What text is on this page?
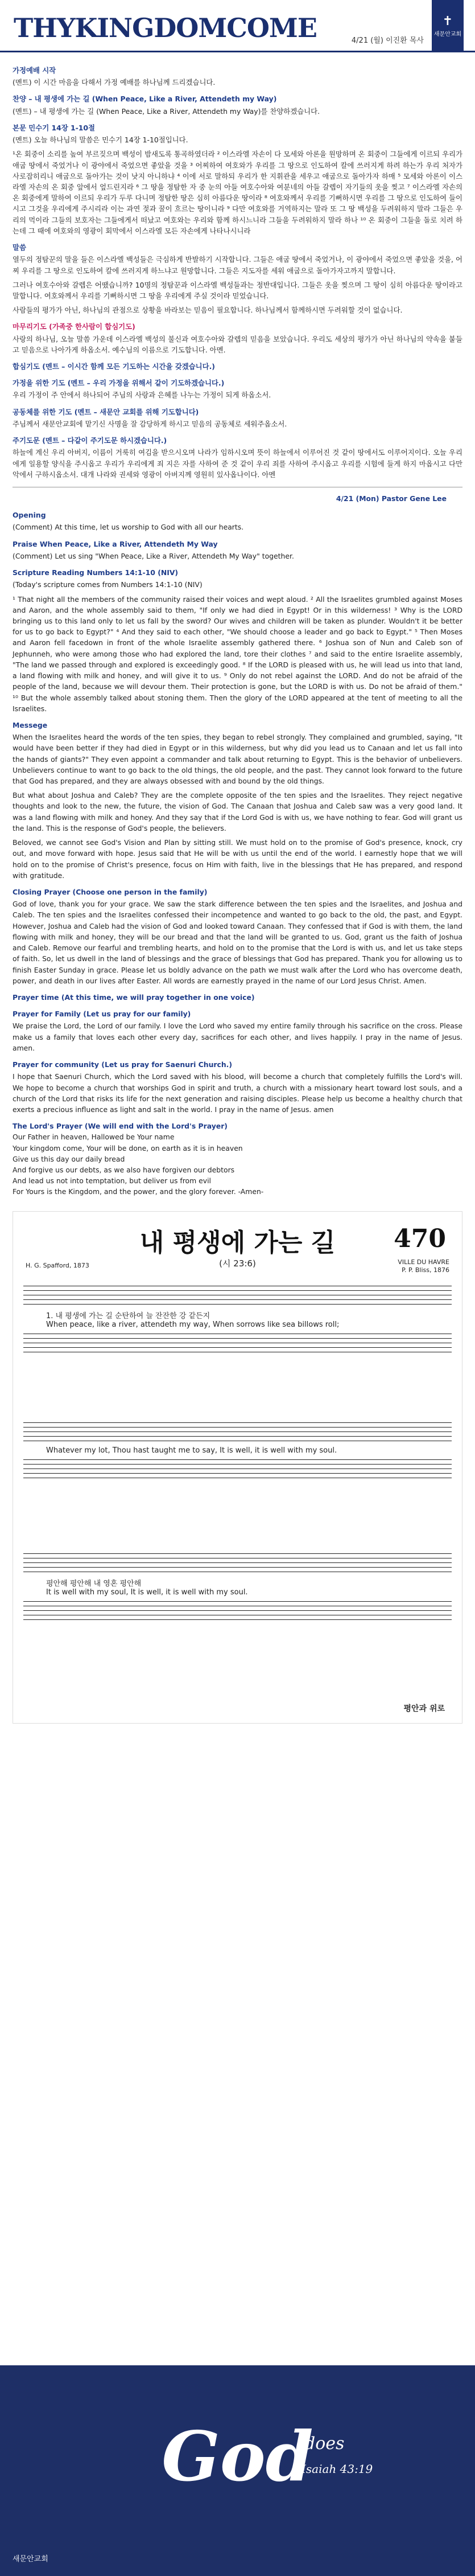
THYKINGDOMCOME	4/21 (월) 이진환 목사
✝
새문안교회
가정예배 시작

(멘트) 이 시간 마음을 다해서 가정 예배를 하나님께 드리겠습니다.

찬양 – 내 평생에 가는 길 (When Peace, Like a River, Attendeth my Way)

(멘트) – 내 평생에 가는 길 (When Peace, Like a River, Attendeth my Way)를 찬양하겠습니다.

본문 민수기 14장 1-10절

(멘트) 오늘 하나님의 말씀은 민수기 14장 1-10절입니다.

¹온 회중이 소리를 높여 부르짖으며 백성이 밤새도록 통곡하였더라 ² 이스라엘 자손이 다 모세와 아론을 원망하며 온 회중이 그들에게 이르되 우리가 애굽 땅에서 죽었거나 이 광야에서 죽었으면 좋았을 것을 ³ 어찌하여 여호와가 우리를 그 땅으로 인도하여 칼에 쓰러지게 하려 하는가 우리 처자가 사로잡히리니 애굽으로 돌아가는 것이 낫지 아니하냐 ⁴ 이에 서로 말하되 우리가 한 지휘관을 세우고 애굽으로 돌아가자 하매 ⁵ 모세와 아론이 이스라엘 자손의 온 회중 앞에서 엎드린지라 ⁶ 그 땅을 정탐한 자 중 눈의 아들 여호수아와 여분네의 아들 갈렙이 자기들의 옷을 찢고 ⁷ 이스라엘 자손의 온 회중에게 말하여 이르되 우리가 두루 다니며 정탐한 땅은 심히 아름다운 땅이라 ⁸ 여호와께서 우리를 기뻐하시면 우리를 그 땅으로 인도하여 들이시고 그것을 우리에게 주시리라 이는 과연 젖과 꿀이 흐르는 땅이니라 ⁹ 다만 여호와를 거역하지는 말라 또 그 땅 백성을 두려워하지 말라 그들은 우리의 먹이라 그들의 보호자는 그들에게서 떠났고 여호와는 우리와 함께 하시느니라 그들을 두려워하지 말라 하나 ¹⁰ 온 회중이 그들을 돌로 치려 하는데 그 때에 여호와의 영광이 회막에서 이스라엘 모든 자손에게 나타나시니라

말씀

열두의 정탐꾼의 말을 들은 이스라엘 백성들은 극심하게 반발하기 시작합니다. 그들은 애굽 땅에서 죽었거나, 이 광야에서 죽었으면 좋았을 것을, 어찌 우리를 그 땅으로 인도하여 칼에 쓰러지게 하느냐고 원망합니다. 그들은 지도자를 세워 애굽으로 돌아가자고까지 말합니다.

그러나 여호수아와 갈렙은 어땠습니까? 10명의 정탐꾼과 이스라엘 백성들과는 정반대입니다. 그들은 옷을 찢으며 그 땅이 심히 아름다운 땅이라고 말합니다. 여호와께서 우리를 기뻐하시면 그 땅을 우리에게 주실 것이라 믿었습니다.

사람들의 평가가 아닌, 하나님의 관점으로 상황을 바라보는 믿음이 필요합니다. 하나님께서 함께하시면 두려워할 것이 없습니다.

마무리기도 (가족중 한사람이 합심기도)

사랑의 하나님, 오늘 말씀 가운데 이스라엘 백성의 불신과 여호수아와 갈렙의 믿음을 보았습니다. 우리도 세상의 평가가 아닌 하나님의 약속을 붙들고 믿음으로 나아가게 하옵소서. 예수님의 이름으로 기도합니다. 아멘.

합심기도 (멘트 – 이시간 함께 모든 기도하는 시간을 갖겠습니다.)
가정을 위한 기도 (멘트 – 우리 가정을 위해서 같이 기도하겠습니다.)

우리 가정이 주 안에서 하나되어 주님의 사랑과 은혜를 나누는 가정이 되게 하옵소서.

공동체를 위한 기도 (멘트 – 새문안 교회를 위해 기도합니다)

주님께서 새문안교회에 맡기신 사명을 잘 감당하게 하시고 믿음의 공동체로 세워주옵소서.

주기도문 (멘트 – 다같이 주기도문 하시겠습니다.)

하늘에 계신 우리 아버지, 이름이 거룩히 여김을 받으시오며 나라가 임하시오며 뜻이 하늘에서 이루어진 것 같이 땅에서도 이루어지이다. 오늘 우리에게 일용할 양식을 주시옵고 우리가 우리에게 죄 지은 자를 사하여 준 것 같이 우리 죄를 사하여 주시옵고 우리를 시험에 들게 하지 마옵시고 다만 악에서 구하시옵소서. 대개 나라와 권세와 영광이 아버지께 영원히 있사옵나이다. 아멘

4/21 (Mon) Pastor Gene Lee
Opening

(Comment) At this time, let us worship to God with all our hearts.

Praise When Peace, Like a River, Attendeth My Way

(Comment) Let us sing "When Peace, Like a River, Attendeth My Way" together.

Scripture Reading Numbers 14:1-10 (NIV)

(Today's scripture comes from Numbers 14:1-10 (NIV)

¹ That night all the members of the community raised their voices and wept aloud. ² All the Israelites grumbled against Moses and Aaron, and the whole assembly said to them, "If only we had died in Egypt! Or in this wilderness! ³ Why is the LORD bringing us to this land only to let us fall by the sword? Our wives and children will be taken as plunder. Wouldn't it be better for us to go back to Egypt?" ⁴ And they said to each other, "We should choose a leader and go back to Egypt." ⁵ Then Moses and Aaron fell facedown in front of the whole Israelite assembly gathered there. ⁶ Joshua son of Nun and Caleb son of Jephunneh, who were among those who had explored the land, tore their clothes ⁷ and said to the entire Israelite assembly, "The land we passed through and explored is exceedingly good. ⁸ If the LORD is pleased with us, he will lead us into that land, a land flowing with milk and honey, and will give it to us. ⁹ Only do not rebel against the LORD. And do not be afraid of the people of the land, because we will devour them. Their protection is gone, but the LORD is with us. Do not be afraid of them." ¹⁰ But the whole assembly talked about stoning them. Then the glory of the LORD appeared at the tent of meeting to all the Israelites.

Messege

When the Israelites heard the words of the ten spies, they began to rebel strongly. They complained and grumbled, saying, "It would have been better if they had died in Egypt or in this wilderness, but why did you lead us to Canaan and let us fall into the hands of giants?" They even appoint a commander and talk about returning to Egypt. This is the behavior of unbelievers. Unbelievers continue to want to go back to the old things, the old people, and the past. They cannot look forward to the future that God has prepared, and they are always obsessed with and bound by the old things.

But what about Joshua and Caleb? They are the complete opposite of the ten spies and the Israelites. They reject negative thoughts and look to the new, the future, the vision of God. The Canaan that Joshua and Caleb saw was a very good land. It was a land flowing with milk and honey. And they say that if the Lord God is with us, we have nothing to fear. God will grant us the land. This is the response of God's people, the believers.

Beloved, we cannot see God's Vision and Plan by sitting still. We must hold on to the promise of God's presence, knock, cry out, and move forward with hope. Jesus said that He will be with us until the end of the world. I earnestly hope that we will hold on to the promise of Christ's presence, focus on Him with faith, live in the blessings that He has prepared, and respond with gratitude.

Closing Prayer (Choose one person in the family)

God of love, thank you for your grace. We saw the stark difference between the ten spies and the Israelites, and Joshua and Caleb. The ten spies and the Israelites confessed their incompetence and wanted to go back to the old, the past, and Egypt. However, Joshua and Caleb had the vision of God and looked toward Canaan. They confessed that if God is with them, the land flowing with milk and honey, they will be our bread and that the land will be granted to us. God, grant us the faith of Joshua and Caleb. Remove our fearful and trembling hearts, and hold on to the promise that the Lord is with us, and let us take steps of faith. So, let us dwell in the land of blessings and the grace of blessings that God has prepared. Thank you for allowing us to finish Easter Sunday in grace. Please let us boldly advance on the path we must walk after the Lord who has overcome death, power, and death in our lives after Easter. All words are earnestly prayed in the name of our Lord Jesus Christ. Amen.

Prayer time (At this time, we will pray together in one voice)
Prayer for Family (Let us pray for our family)

We praise the Lord, the Lord of our family. I love the Lord who saved my entire family through his sacrifice on the cross. Please make us a family that loves each other every day, sacrifices for each other, and lives happily. I pray in the name of Jesus. amen.

Prayer for community (Let us pray for Saenuri Church.)

I hope that Saenuri Church, which the Lord saved with his blood, will become a church that completely fulfills the Lord's will. We hope to become a church that worships God in spirit and truth, a church with a missionary heart toward lost souls, and a church of the Lord that risks its life for the next generation and raising disciples. Please help us become a healthy church that exerts a precious influence as light and salt in the world. I pray in the name of Jesus. amen

The Lord's Prayer (We will end with the Lord's Prayer)
Our Father in heaven, Hallowed be Your name
Your kingdom come, Your will be done, on earth as it is in heaven
Give us this day our daily bread
And forgive us our debts, as we also have forgiven our debtors
And lead us not into temptation, but deliver us from evil
For Yours is the Kingdom, and the power, and the glory forever. -Amen-
내 평생에 가는 길	470
(시 23:6)
H. G. Spafford, 1873	VILLE DU HAVRE
P. P. Bliss, 1876
1. 내 평생에 가는 길 순탄하여 늘 잔잔한 강 같든지
When peace, like a river, attendeth my way, When sorrows like sea billows roll;
Whatever my lot, Thou hast taught me to say, It is well, it is well with my soul.
평안해 평안해 내 영혼 평안해
It is well with my soul, It is well, it is well with my soul.
평안과 위로
God
does
Isaiah 43:19
새문안교회
